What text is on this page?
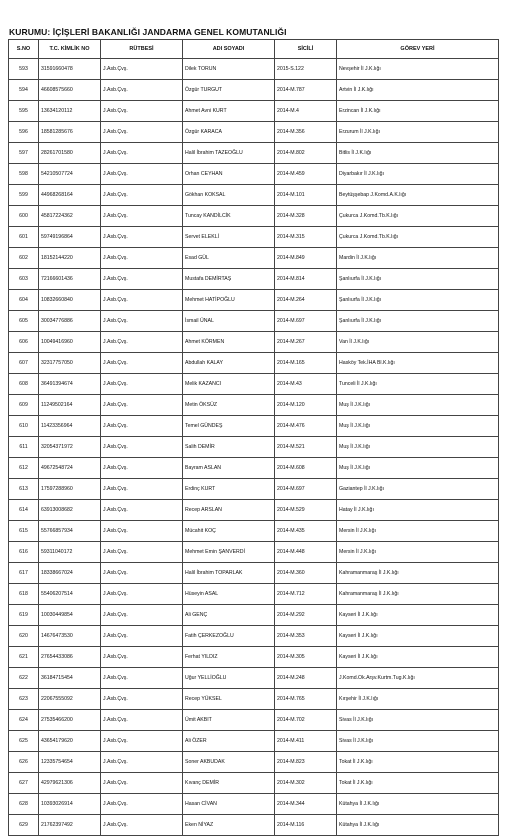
KURUMU: İÇİŞLERİ BAKANLIĞI JANDARMA GENEL KOMUTANLIĞI
S.NO	T.C. KİMLİK NO	RÜTBESİ	ADI SOYADI	SİCİLİ	GÖREV YERİ
593	31591660478	J.Asb.Çvş.	Dilek TORUN	2015-S.122	Nevşehir İl J.K.lığı
594	46608575660	J.Asb.Çvş.	Özgür TURGUT	2014-M.787	Artvin İl J.K.lığı
595	13634120112	J.Asb.Çvş.	Ahmet Avni KURT	2014-M.4	Erzincan İl J.K.lığı
596	18581285676	J.Asb.Çvş.	Özgür KARACA	2014-M.356	Erzurum İl J.K.lığı
597	28261701580	J.Asb.Çvş.	Halil İbrahim TAZEOĞLU	2014-M.802	Bitlis İl J.K.lığı
598	54210507724	J.Asb.Çvş.	Orhan CEYHAN	2014-M.459	Diyarbakır İl J.K.lığı
599	44968268164	J.Asb.Çvş.	Gökhan KOKSAL	2014-M.101	Beytüşşebap J.Komd.A.K.lığı
600	45817224362	J.Asb.Çvş.	Tuncay KANDİLCİK	2014-M.328	Çukurca J.Komd.Tb.K.lığı
601	59749196864	J.Asb.Çvş.	Servet ELEKLİ	2014-M.315	Çukurca J.Komd.Tb.K.lığı
602	18152144220	J.Asb.Çvş.	Esad GÜL	2014-M.849	Mardin İl J.K.lığı
603	72166601436	J.Asb.Çvş.	Mustafa DEMİRTAŞ	2014-M.814	Şanlıurfa İl J.K.lığı
604	10832660840	J.Asb.Çvş.	Mehmet HATİPOĞLU	2014-M.264	Şanlıurfa İl J.K.lığı
605	30034776886	J.Asb.Çvş.	İsmail ÜNAL	2014-M.697	Şanlıurfa İl J.K.lığı
606	10049416960	J.Asb.Çvş.	Ahmet KÖRMEN	2014-M.267	Van İl J.K.lığı
607	32317757050	J.Asb.Çvş.	Abdullah KALAY	2014-M.165	Hasköy Tek.İHA Bl.K.lığı
608	36491394674	J.Asb.Çvş.	Melik KAZANCI	2014-M.43	Tunceli İl J.K.lığı
609	11249502164	J.Asb.Çvş.	Metin ÖKSÜZ	2014-M.120	Muş İl J.K.lığı
610	11423356964	J.Asb.Çvş.	Temel GÜNDEŞ	2014-M.476	Muş İl J.K.lığı
611	32054371972	J.Asb.Çvş.	Salih DEMİR	2014-M.521	Muş İl J.K.lığı
612	49672548724	J.Asb.Çvş.	Bayram ASLAN	2014-M.608	Muş İl J.K.lığı
613	17597288960	J.Asb.Çvş.	Erdinç KURT	2014-M.697	Gaziantep İl J.K.lığı
614	63913008682	J.Asb.Çvş.	Recep ARSLAN	2014-M.529	Hatay İl J.K.lığı
615	55766857934	J.Asb.Çvş.	Mücahit KOÇ	2014-M.435	Mersin İl J.K.lığı
616	59311040172	J.Asb.Çvş.	Mehmet Emin ŞANVERDİ	2014-M.448	Mersin İl J.K.lığı
617	18338667024	J.Asb.Çvş.	Halil İbrahim TOPARLAK	2014-M.360	Kahramanmaraş İl J.K.lığı
618	55406207514	J.Asb.Çvş.	Hüseyin ASAL	2014-M.712	Kahramanmaraş İl J.K.lığı
619	10030449854	J.Asb.Çvş.	Ali GENÇ	2014-M.292	Kayseri İl J.K.lığı
620	14676473530	J.Asb.Çvş.	Fatih ÇERKEZOĞLU	2014-M.353	Kayseri İl J.K.lığı
621	27654433086	J.Asb.Çvş.	Ferhat YILDIZ	2014-M.305	Kayseri İl J.K.lığı
622	36184715454	J.Asb.Çvş.	Uğur YELLİOĞLU	2014-M.248	J.Komd.Ok.Arşv.Kurtm.Tug.K.lığı
623	22067555092	J.Asb.Çvş.	Recep YÜKSEL	2014-M.765	Kırşehir İl J.K.lığı
624	27535466200	J.Asb.Çvş.	Ümit AKBIT	2014-M.702	Sivas İl J.K.lığı
625	43654179620	J.Asb.Çvş.	Ali ÖZER	2014-M.411	Sivas İl J.K.lığı
626	12335754654	J.Asb.Çvş.	Soner AKBUDAK	2014-M.823	Tokat İl J.K.lığı
627	42979621306	J.Asb.Çvş.	Kıvanç DEMİR	2014-M.302	Tokat İl J.K.lığı
628	10393026914	J.Asb.Çvş.	Hasan CİVAN	2014-M.344	Kütahya İl J.K.lığı
629	21762397492	J.Asb.Çvş.	Eken NİYAZ	2014-M.116	Kütahya İl J.K.lığı
